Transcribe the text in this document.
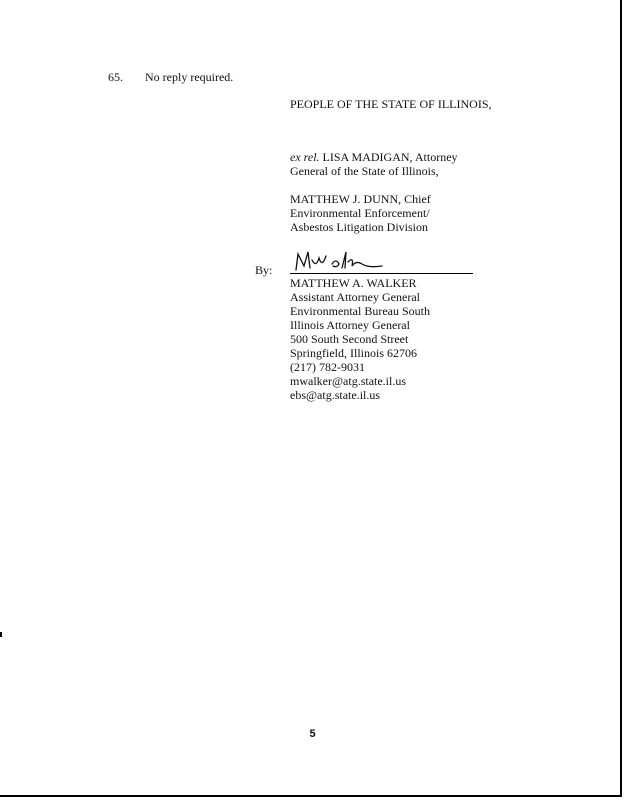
65. No reply required.
PEOPLE OF THE STATE OF ILLINOIS,
ex rel. LISA MADIGAN, Attorney
General of the State of Illinois,
MATTHEW J. DUNN, Chief
Environmental Enforcement/
Asbestos Litigation Division
By:
MATTHEW A. WALKER
Assistant Attorney General
Environmental Bureau South
Illinois Attorney General
500 South Second Street
Springfield, Illinois 62706
(217) 782-9031
mwalker@atg.state.il.us
ebs@atg.state.il.us
5
